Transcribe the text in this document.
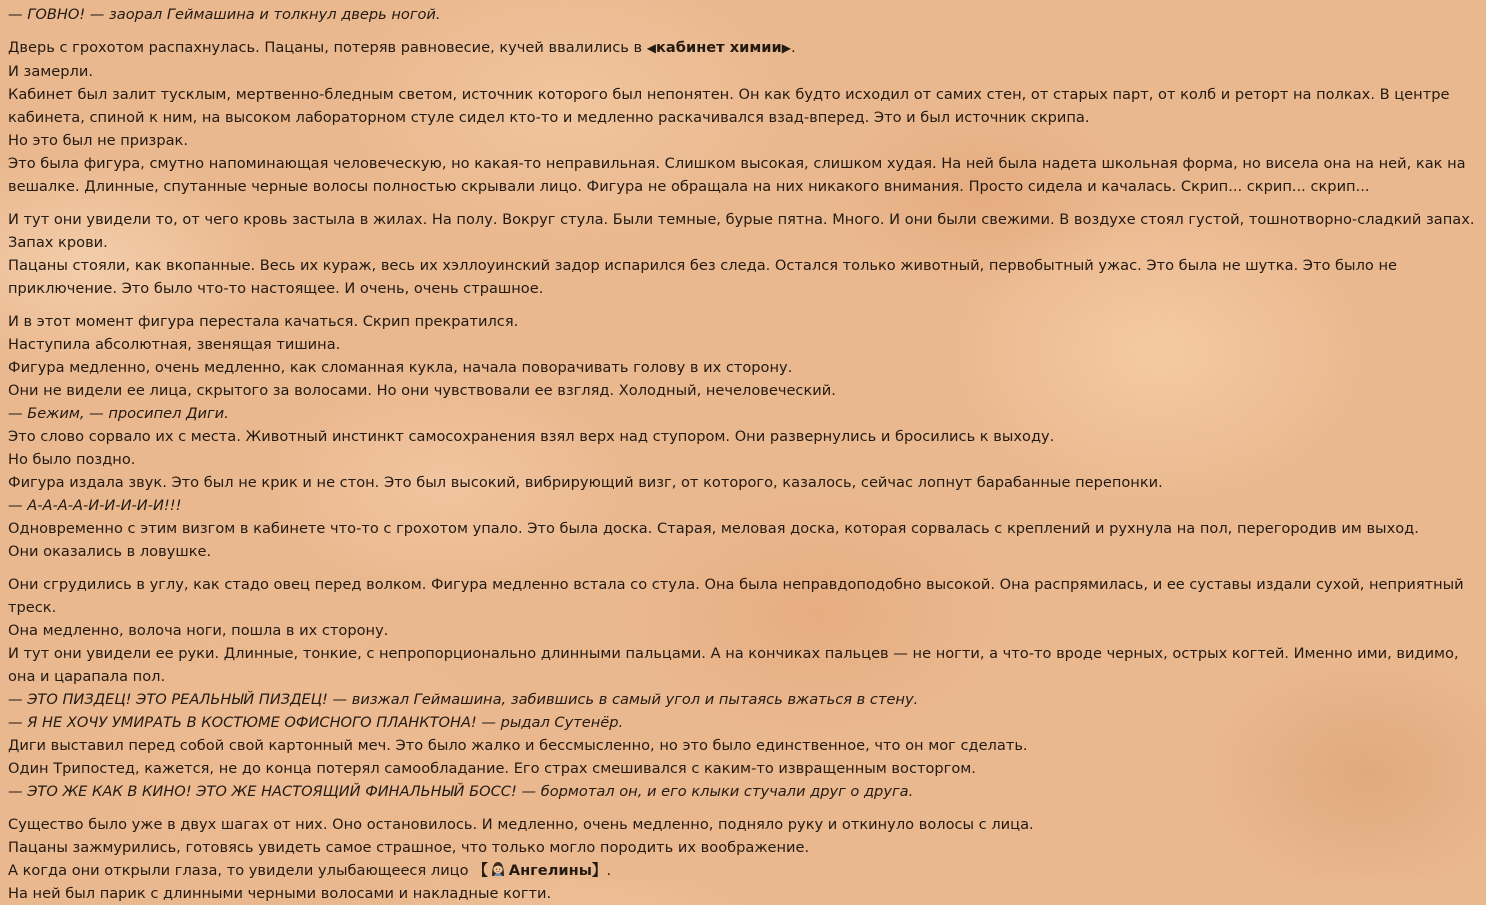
— ГОВНО! — заорал Геймашина и толкнул дверь ногой.

Дверь с грохотом распахнулась. Пацаны, потеряв равновесие, кучей ввалились в ◀кабинет химии▶.

И замерли.

Кабинет был залит тусклым, мертвенно-бледным светом, источник которого был непонятен. Он как будто исходил от самих стен, от старых парт, от колб и реторт на полках. В центре кабинета, спиной к ним, на высоком лабораторном стуле сидел кто-то и медленно раскачивался взад-вперед. Это и был источник скрипа.

Но это был не призрак.

Это была фигура, смутно напоминающая человеческую, но какая-то неправильная. Слишком высокая, слишком худая. На ней была надета школьная форма, но висела она на ней, как на вешалке. Длинные, спутанные черные волосы полностью скрывали лицо. Фигура не обращала на них никакого внимания. Просто сидела и качалась. Скрип... скрип... скрип...

И тут они увидели то, от чего кровь застыла в жилах. На полу. Вокруг стула. Были темные, бурые пятна. Много. И они были свежими. В воздухе стоял густой, тошнотворно-сладкий запах. Запах крови.

Пацаны стояли, как вкопанные. Весь их кураж, весь их хэллоуинский задор испарился без следа. Остался только животный, первобытный ужас. Это была не шутка. Это было не приключение. Это было что-то настоящее. И очень, очень страшное.

И в этот момент фигура перестала качаться. Скрип прекратился.

Наступила абсолютная, звенящая тишина.

Фигура медленно, очень медленно, как сломанная кукла, начала поворачивать голову в их сторону.

Они не видели ее лица, скрытого за волосами. Но они чувствовали ее взгляд. Холодный, нечеловеческий.

— Бежим, — просипел Диги.

Это слово сорвало их с места. Животный инстинкт самосохранения взял верх над ступором. Они развернулись и бросились к выходу.

Но было поздно.

Фигура издала звук. Это был не крик и не стон. Это был высокий, вибрирующий визг, от которого, казалось, сейчас лопнут барабанные перепонки.

— А-А-А-А-И-И-И-И-И!!!

Одновременно с этим визгом в кабинете что-то с грохотом упало. Это была доска. Старая, меловая доска, которая сорвалась с креплений и рухнула на пол, перегородив им выход.

Они оказались в ловушке.

Они сгрудились в углу, как стадо овец перед волком. Фигура медленно встала со стула. Она была неправдоподобно высокой. Она распрямилась, и ее суставы издали сухой, неприятный треск.

Она медленно, волоча ноги, пошла в их сторону.

И тут они увидели ее руки. Длинные, тонкие, с непропорционально длинными пальцами. А на кончиках пальцев — не ногти, а что-то вроде черных, острых когтей. Именно ими, видимо, она и царапала пол.

— ЭТО ПИЗДЕЦ! ЭТО РЕАЛЬНЫЙ ПИЗДЕЦ! — визжал Геймашина, забившись в самый угол и пытаясь вжаться в стену.

— Я НЕ ХОЧУ УМИРАТЬ В КОСТЮМЕ ОФИСНОГО ПЛАНКТОНА! — рыдал Сутенёр.

Диги выставил перед собой свой картонный меч. Это было жалко и бессмысленно, но это было единственное, что он мог сделать.

Один Трипостед, кажется, не до конца потерял самообладание. Его страх смешивался с каким-то извращенным восторгом.

— ЭТО ЖЕ КАК В КИНО! ЭТО ЖЕ НАСТОЯЩИЙ ФИНАЛЬНЫЙ БОСС! — бормотал он, и его клыки стучали друг о друга.

Существо было уже в двух шагах от них. Оно остановилось. И медленно, очень медленно, подняло руку и откинуло волосы с лица.

Пацаны зажмурились, готовясь увидеть самое страшное, что только могло породить их воображение.

А когда они открыли глаза, то увидели улыбающееся лицо 【 Ангелины】.

На ней был парик с длинными черными волосами и накладные когти.
